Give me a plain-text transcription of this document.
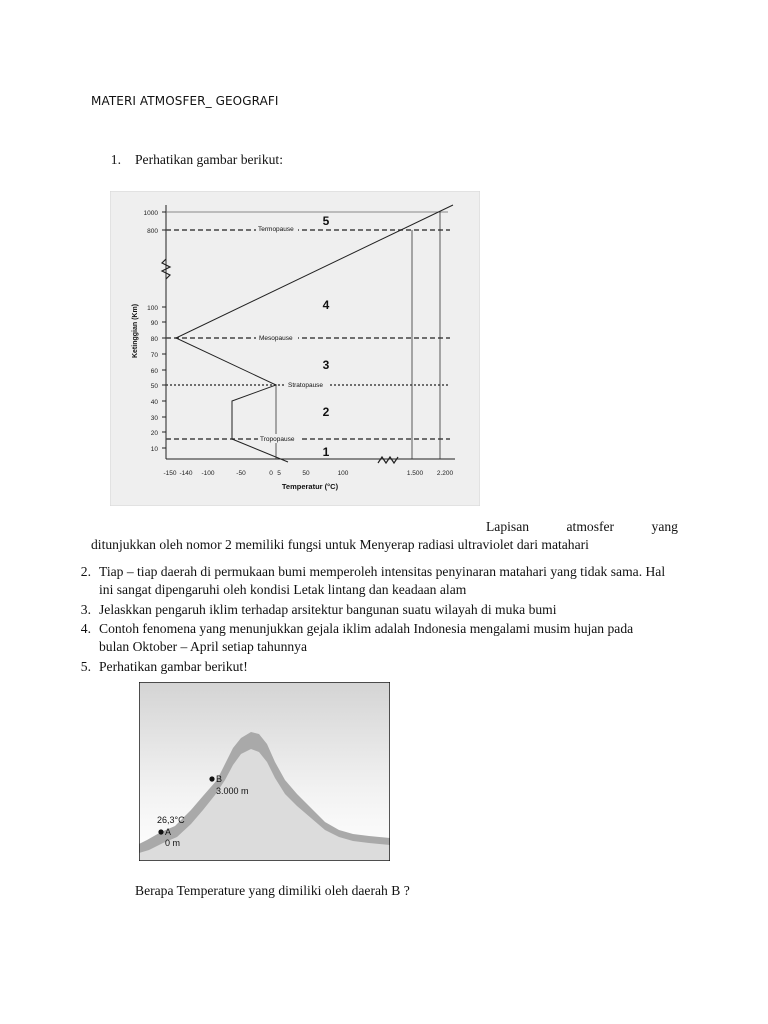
MATERI ATMOSFER_ GEOGRAFI
1. Perhatikan gambar berikut:
1000
800
100
90
80
70
60
50
40
30
20
10
-150 -140 -100	-50	0 5	50	100	1.500 2.200
Temperatur (°C)
Ketinggian (Km)
5
4
3
2
1
Termopause
Mesopause
Stratopause
Tropopause
Lapisan	atmosfer	yang
ditunjukkan oleh nomor 2 memiliki fungsi untuk Menyerap radiasi ultraviolet dari matahari
2. Tiap – tiap daerah di permukaan bumi memperoleh intensitas penyinaran matahari yang tidak sama. Hal
ini sangat dipengaruhi oleh kondisi Letak lintang dan keadaan alam
3. Jelaskkan pengaruh iklim terhadap arsitektur bangunan suatu wilayah di muka bumi
4. Contoh fenomena yang menunjukkan gejala iklim adalah Indonesia mengalami musim hujan pada
bulan Oktober – April setiap tahunnya
5. Perhatikan gambar berikut!
B
3.000 m
26,3°C
A
0 m
Berapa Temperature yang dimiliki oleh daerah B ?
